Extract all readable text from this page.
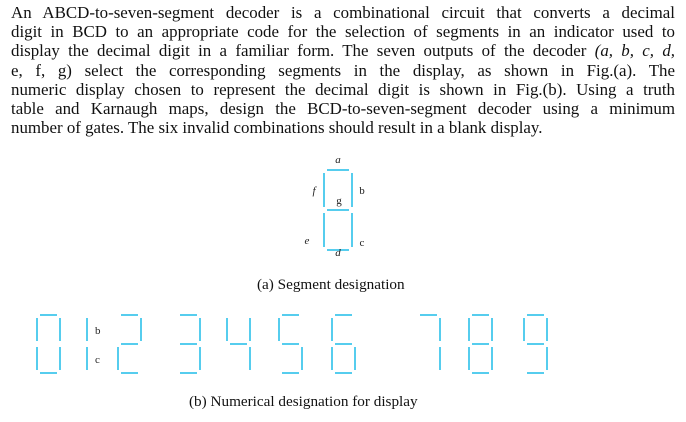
An ABCD-to-seven-segment decoder is a combinational circuit that converts a decimal
digit in BCD to an appropriate code for the selection of segments in an indicator used to
display the decimal digit in a familiar form. The seven outputs of the decoder (a, b, c, d,
e, f, g) select the corresponding segments in the display, as shown in Fig.(a). The
numeric display chosen to represent the decimal digit is shown in Fig.(b). Using a truth
table and Karnaugh maps, design the BCD-to-seven-segment decoder using a minimum
number of gates. The six invalid combinations should result in a blank display.
a
f	b
g
e	c
d
(a) Segment designation
b
c
(b) Numerical designation for display
